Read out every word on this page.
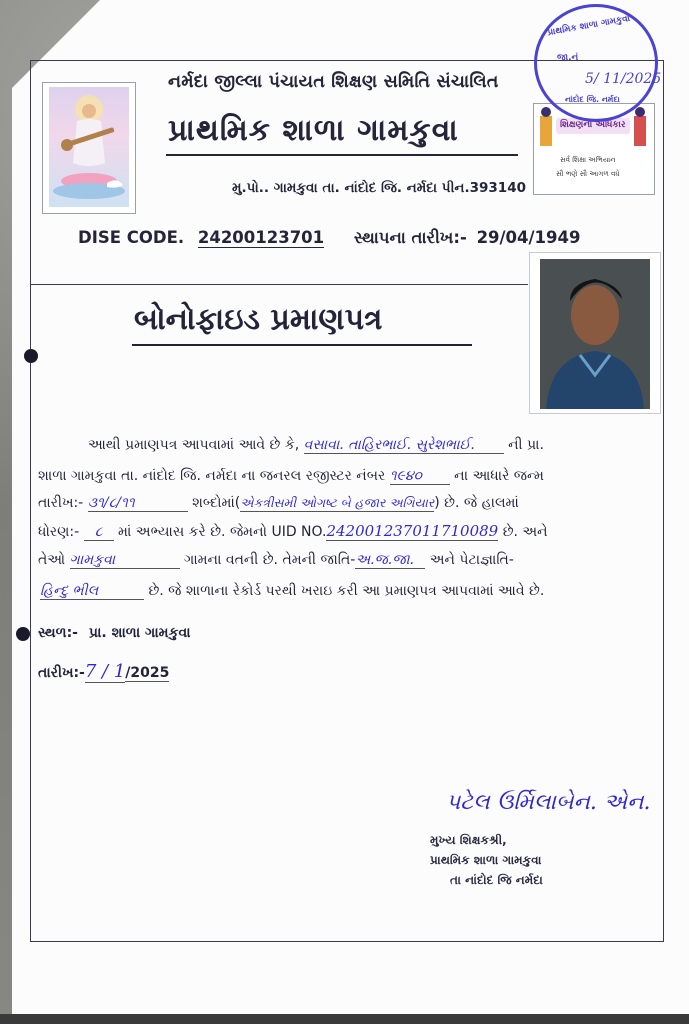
નર્મદા જીલ્લા પંચાયત શિક્ષણ સમિતિ સંચાલિત
પ્રાથમિક શાળા ગામકુવા
મુ.પો.. ગામકુવા તા. નાંદોદ જિ. નર્મદા પીન.393140
DISE CODE. 24200123701 સ્થાપના તારીખ:- 29/04/1949
શિક્ષણનો અધિકાર
સર્વ શિક્ષા અભિયાન
સૌ ભણે સૌ આગળ વધે
પ્રાથમિક શાળા ગામકુવા
જા.નં
5/ 11/2025
નાંદોદ જિ. નર્મદા
બોનોફાઇડ પ્રમાણપત્ર
આથી પ્રમાણપત્ર આપવામાં આવે છે કે, વસાવા. તાહિરભાઈ. સુરેશભાઈ. ની પ્રા.
શાળા ગામકુવા તા. નાંદોદ જિ. નર્મદા ના જનરલ રજીસ્ટર નંબર ૧૯૪૦ ના આધારે જન્મ
તારીખ:- ૩૧/૮/૧૧	શબ્દોમાં(એકત્રીસમી ઓગષ્ટ બે હજાર અગિયાર) છે. જે હાલમાં
ધોરણ:- ૮ માં અભ્યાસ કરે છે. જેમનો UID NO.242001237011710089 છે. અને
તેઓ ગામકુવા	ગામના વતની છે. તેમની જાતિ-અ.જ.જા. અને પેટાજ્ઞાતિ-
હિન્દુ ભીલ	છે. જે શાળાના રેકોર્ડ પરથી ખરાઇ કરી આ પ્રમાણપત્ર આપવામાં આવે છે.
સ્થળ:- પ્રા. શાળા ગામકુવા
તારીખ:-7 / 1/2025
પટેલ ઉર્મિલાબેન. એન.
મુખ્ય શિક્ષકશ્રી,
પ્રાથમિક શાળા ગામકુવા
તા નાંદોદ જિ નર્મદા
